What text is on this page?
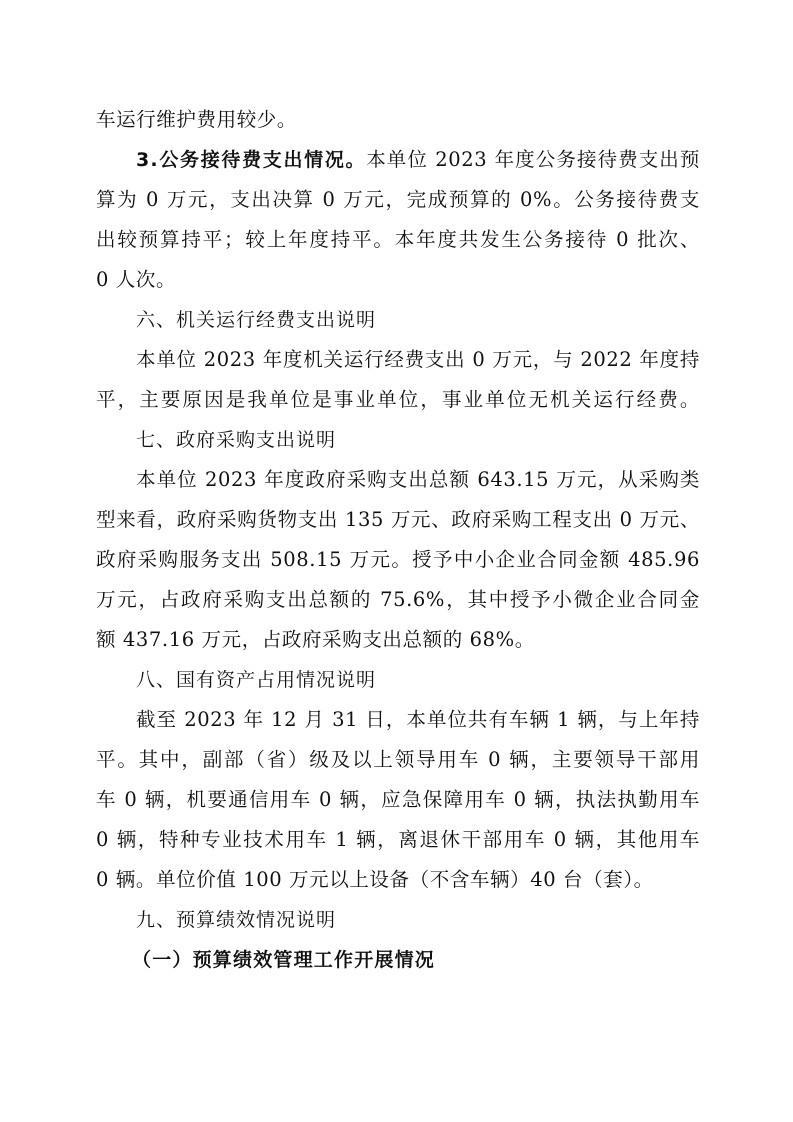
车运行维护费用较少。
3.公务接待费支出情况。本单位 2023 年度公务接待费支出预
算为 0 万元，支出决算 0 万元，完成预算的 0%。公务接待费支
出较预算持平；较上年度持平。本年度共发生公务接待 0 批次、
0 人次。
六、机关运行经费支出说明
本单位 2023 年度机关运行经费支出 0 万元，与 2022 年度持
平，主要原因是我单位是事业单位，事业单位无机关运行经费。
七、政府采购支出说明
本单位 2023 年度政府采购支出总额 643.15 万元，从采购类
型来看，政府采购货物支出 135 万元、政府采购工程支出 0 万元、
政府采购服务支出 508.15 万元。授予中小企业合同金额 485.96
万元，占政府采购支出总额的 75.6%，其中授予小微企业合同金
额 437.16 万元，占政府采购支出总额的 68%。
八、国有资产占用情况说明
截至 2023 年 12 月 31 日，本单位共有车辆 1 辆，与上年持
平。其中，副部（省）级及以上领导用车 0 辆，主要领导干部用
车 0 辆，机要通信用车 0 辆，应急保障用车 0 辆，执法执勤用车
0 辆，特种专业技术用车 1 辆，离退休干部用车 0 辆，其他用车
0 辆。单位价值 100 万元以上设备（不含车辆）40 台（套）。
九、预算绩效情况说明
（一）预算绩效管理工作开展情况
